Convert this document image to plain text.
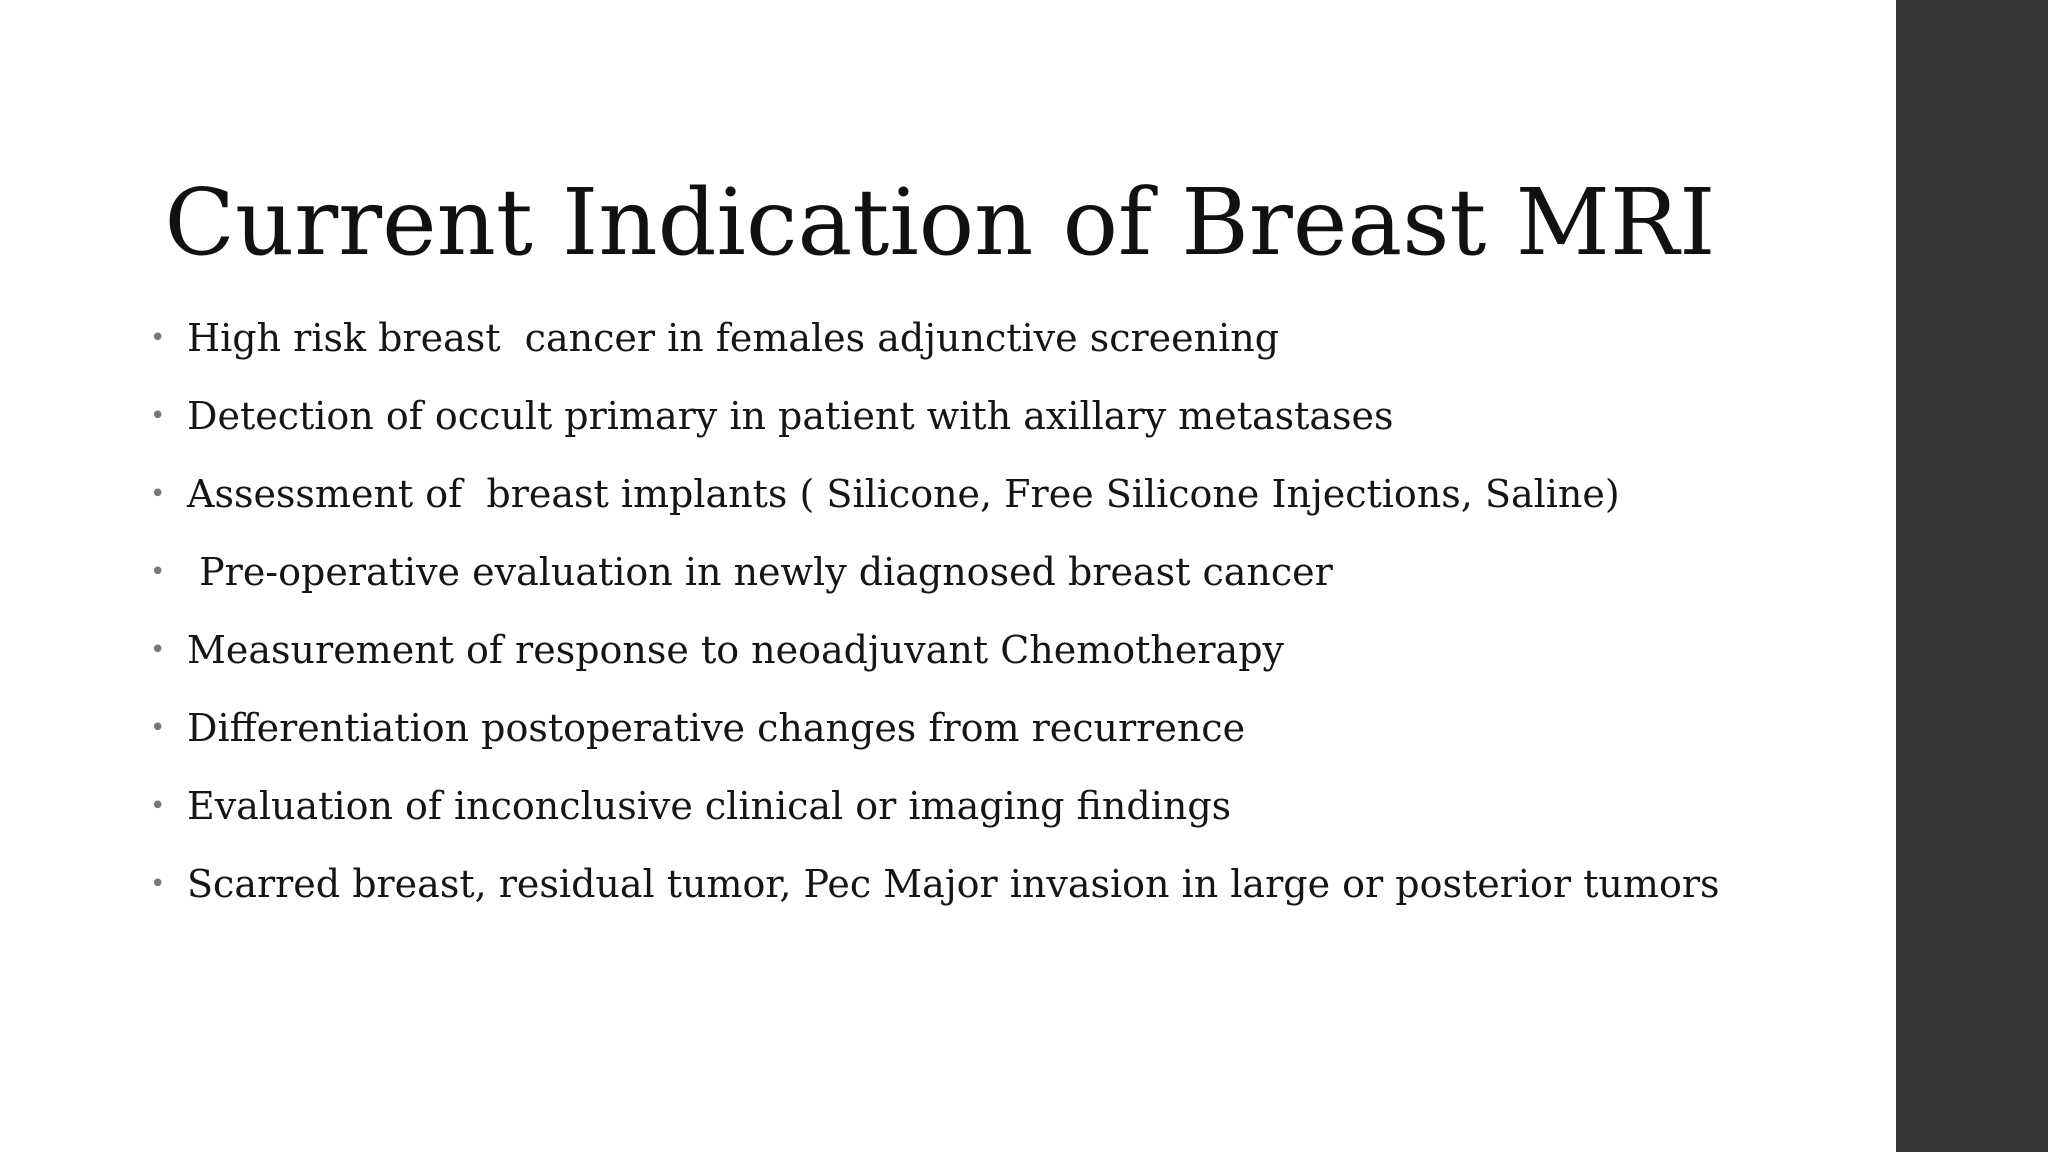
Current Indication of Breast MRI
• High risk breast  cancer in females adjunctive screening
• Detection of occult primary in patient with axillary metastases
• Assessment of  breast implants ( Silicone, Free Silicone Injections, Saline)
• Pre-operative evaluation in newly diagnosed breast cancer
• Measurement of response to neoadjuvant Chemotherapy
• Differentiation postoperative changes from recurrence
• Evaluation of inconclusive clinical or imaging findings
• Scarred breast, residual tumor, Pec Major invasion in large or posterior tumors
